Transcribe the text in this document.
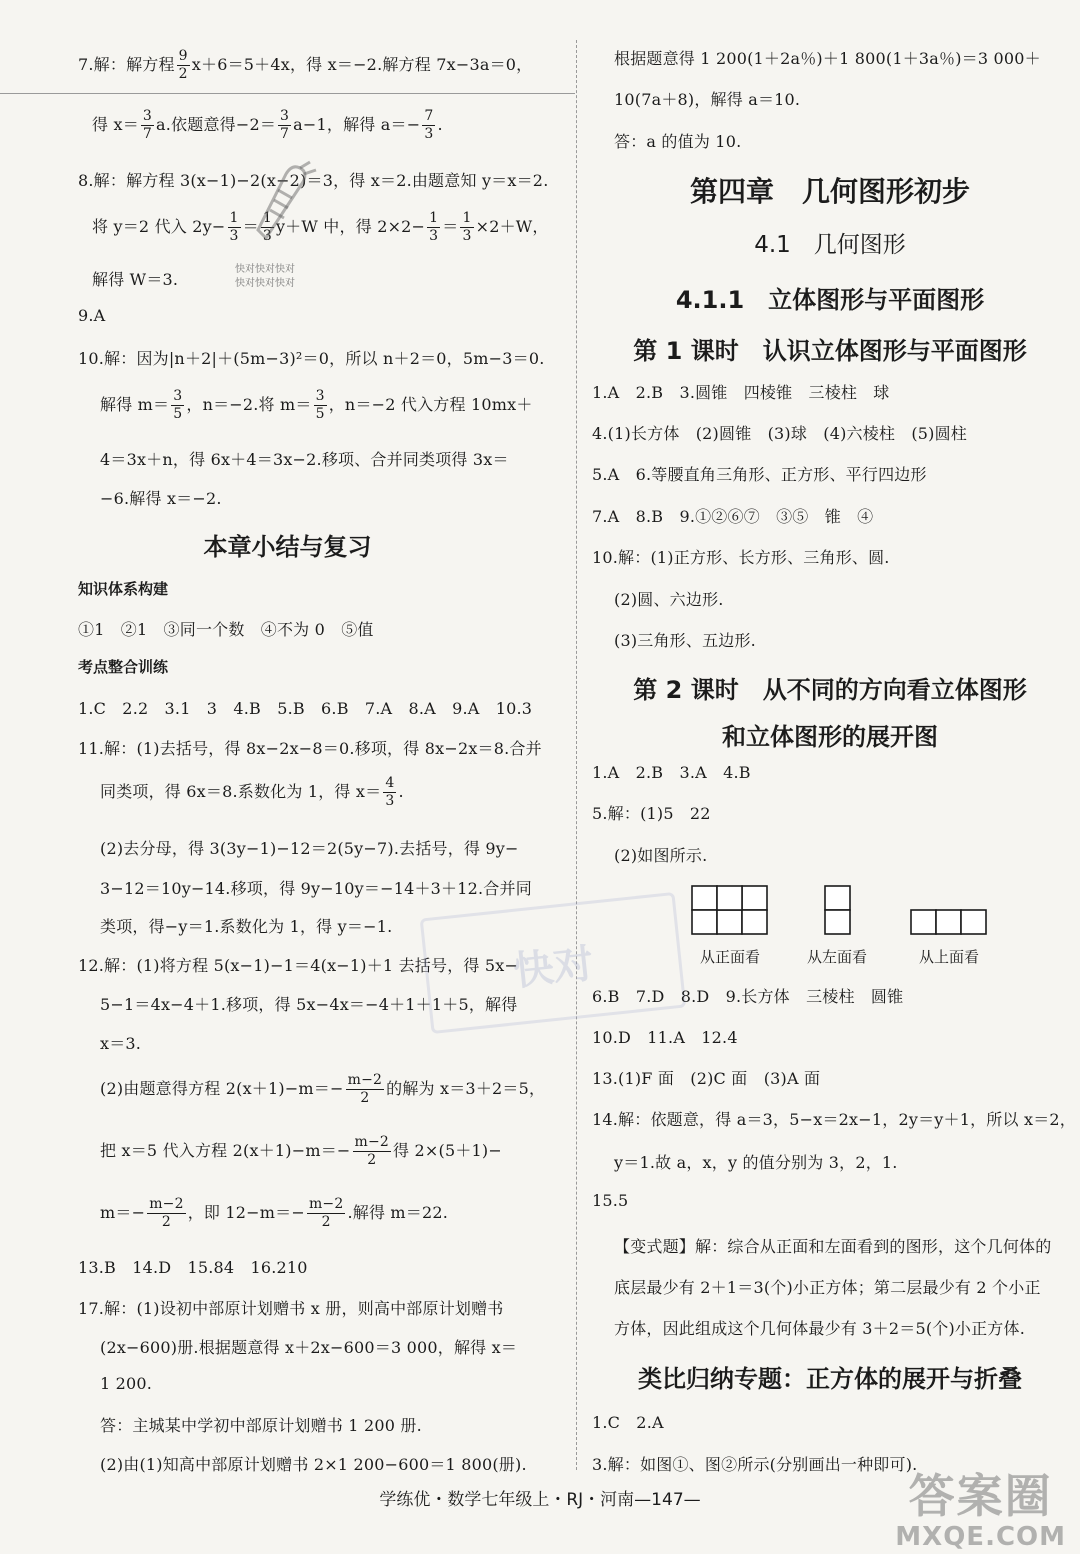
7.解：解方程 $\frac{9}{2} x+6=5+4x$，得 x＝−2.解方程 7x−3a＝0，
得 $x= \frac{3}{7} a$.依题意得$-2= \frac{3}{7} a-1$，解得 $a=- \frac{7}{3}$ .
8.解：解方程 3(x−1)−2(x−2)＝3，得 x＝2.由题意知 y＝x＝2.
将 y＝2 代入 $2y- \frac{1}{3} = \frac{1}{3} y+W$ 中，得 $2\times 2- \frac{1}{3} = \frac{1}{3} \times 2+W$，
解得 W＝3.
快对快对快对
快对快对快对
9.A
10.解：因为|n＋2|＋(5m−3)²＝0，所以 n＋2＝0，5m−3＝0.
解得 $m= \frac{3}{5}$ ，n＝−2.将 $m= \frac{3}{5}$ ，n＝−2 代入方程 10mx＋
4＝3x＋n，得 6x＋4＝3x−2.移项、合并同类项得 3x＝
−6.解得 x＝−2.
本章小结与复习
知识体系构建
①1　②1　③同一个数　④不为 0　⑤值
考点整合训练
1.C　2.2　3.1　3　4.B　5.B　6.B　7.A　8.A　9.A　10.3
11.解：(1)去括号，得 8x−2x−8＝0.移项，得 8x−2x＝8.合并
同类项，得 6x＝8.系数化为 1，得 $x= \frac{4}{3}$ .
(2)去分母，得 3(3y−1)−12＝2(5y−7).去括号，得 9y−
3−12＝10y−14.移项，得 9y−10y＝−14＋3＋12.合并同
类项，得−y＝1.系数化为 1，得 y＝−1.
12.解：(1)将方程 5(x−1)−1＝4(x−1)＋1 去括号，得 5x−
5−1＝4x−4＋1.移项，得 5x−4x＝−4＋1＋1＋5，解得
x＝3.
(2)由题意得方程 $2(x+1)-m=- \frac{m-2}{2}$ 的解为 x＝3＋2＝5，
把 x＝5 代入方程 $2(x+1)-m=- \frac{m-2}{2}$ 得 2×(5＋1)−
$m=- \frac{m-2}{2}$ ，即 $12-m=- \frac{m-2}{2}$ .解得 m＝22.
13.B　14.D　15.84　16.210
17.解：(1)设初中部原计划赠书 x 册，则高中部原计划赠书
(2x−600)册.根据题意得 x＋2x−600＝3 000，解得 x＝
1 200.
答：主城某中学初中部原计划赠书 1 200 册.
(2)由(1)知高中部原计划赠书 2×1 200−600＝1 800(册).
快对
根据题意得 1 200(1＋2a％)＋1 800(1＋3a％)＝3 000＋
10(7a＋8)，解得 a＝10.
答：a 的值为 10.
第四章　几何图形初步
4.1　几何图形
4.1.1　立体图形与平面图形
第 1 课时　认识立体图形与平面图形
1.A　2.B　3.圆锥　四棱锥　三棱柱　球
4.(1)长方体　(2)圆锥　(3)球　(4)六棱柱　(5)圆柱
5.A　6.等腰直角三角形、正方形、平行四边形
7.A　8.B　9.①②⑥⑦　③⑤　锥　④
10.解：(1)正方形、长方形、三角形、圆.
(2)圆、六边形.
(3)三角形、五边形.
第 2 课时　从不同的方向看立体图形
和立体图形的展开图
1.A　2.B　3.A　4.B
5.解：(1)5　22
(2)如图所示.
从正面看	从左面看	从上面看
6.B　7.D　8.D　9.长方体　三棱柱　圆锥
10.D　11.A　12.4
13.(1)F 面　(2)C 面　(3)A 面
14.解：依题意，得 a＝3，5−x＝2x−1，2y＝y＋1，所以 x＝2，
y＝1.故 a，x，y 的值分别为 3，2，1.
15.5
【变式题】解：综合从正面和左面看到的图形，这个几何体的
底层最少有 2＋1＝3(个)小正方体；第二层最少有 2 个小正
方体，因此组成这个几何体最少有 3＋2＝5(个)小正方体.
类比归纳专题：正方体的展开与折叠
1.C　2.A
3.解：如图①、图②所示(分别画出一种即可).
学练优・数学七年级上・RJ・河南—147—	答案圈
MXQE.COM
